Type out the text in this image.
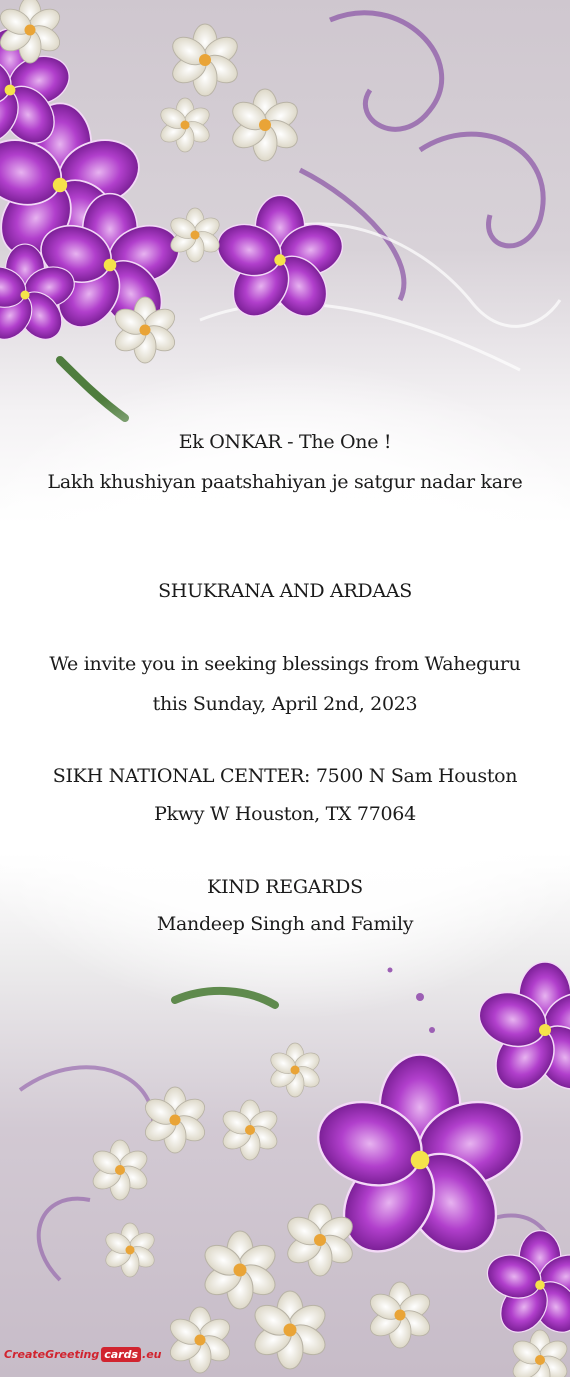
Ek ONKAR - The One !
Lakh khushiyan paatshahiyan je satgur nadar kare
SHUKRANA AND ARDAAS
We invite you in seeking blessings from Waheguru
this Sunday, April 2nd, 2023
SIKH NATIONAL CENTER: 7500 N Sam Houston
Pkwy W Houston, TX 77064
KIND REGARDS
Mandeep Singh and Family
CreateGreeting cards .eu
